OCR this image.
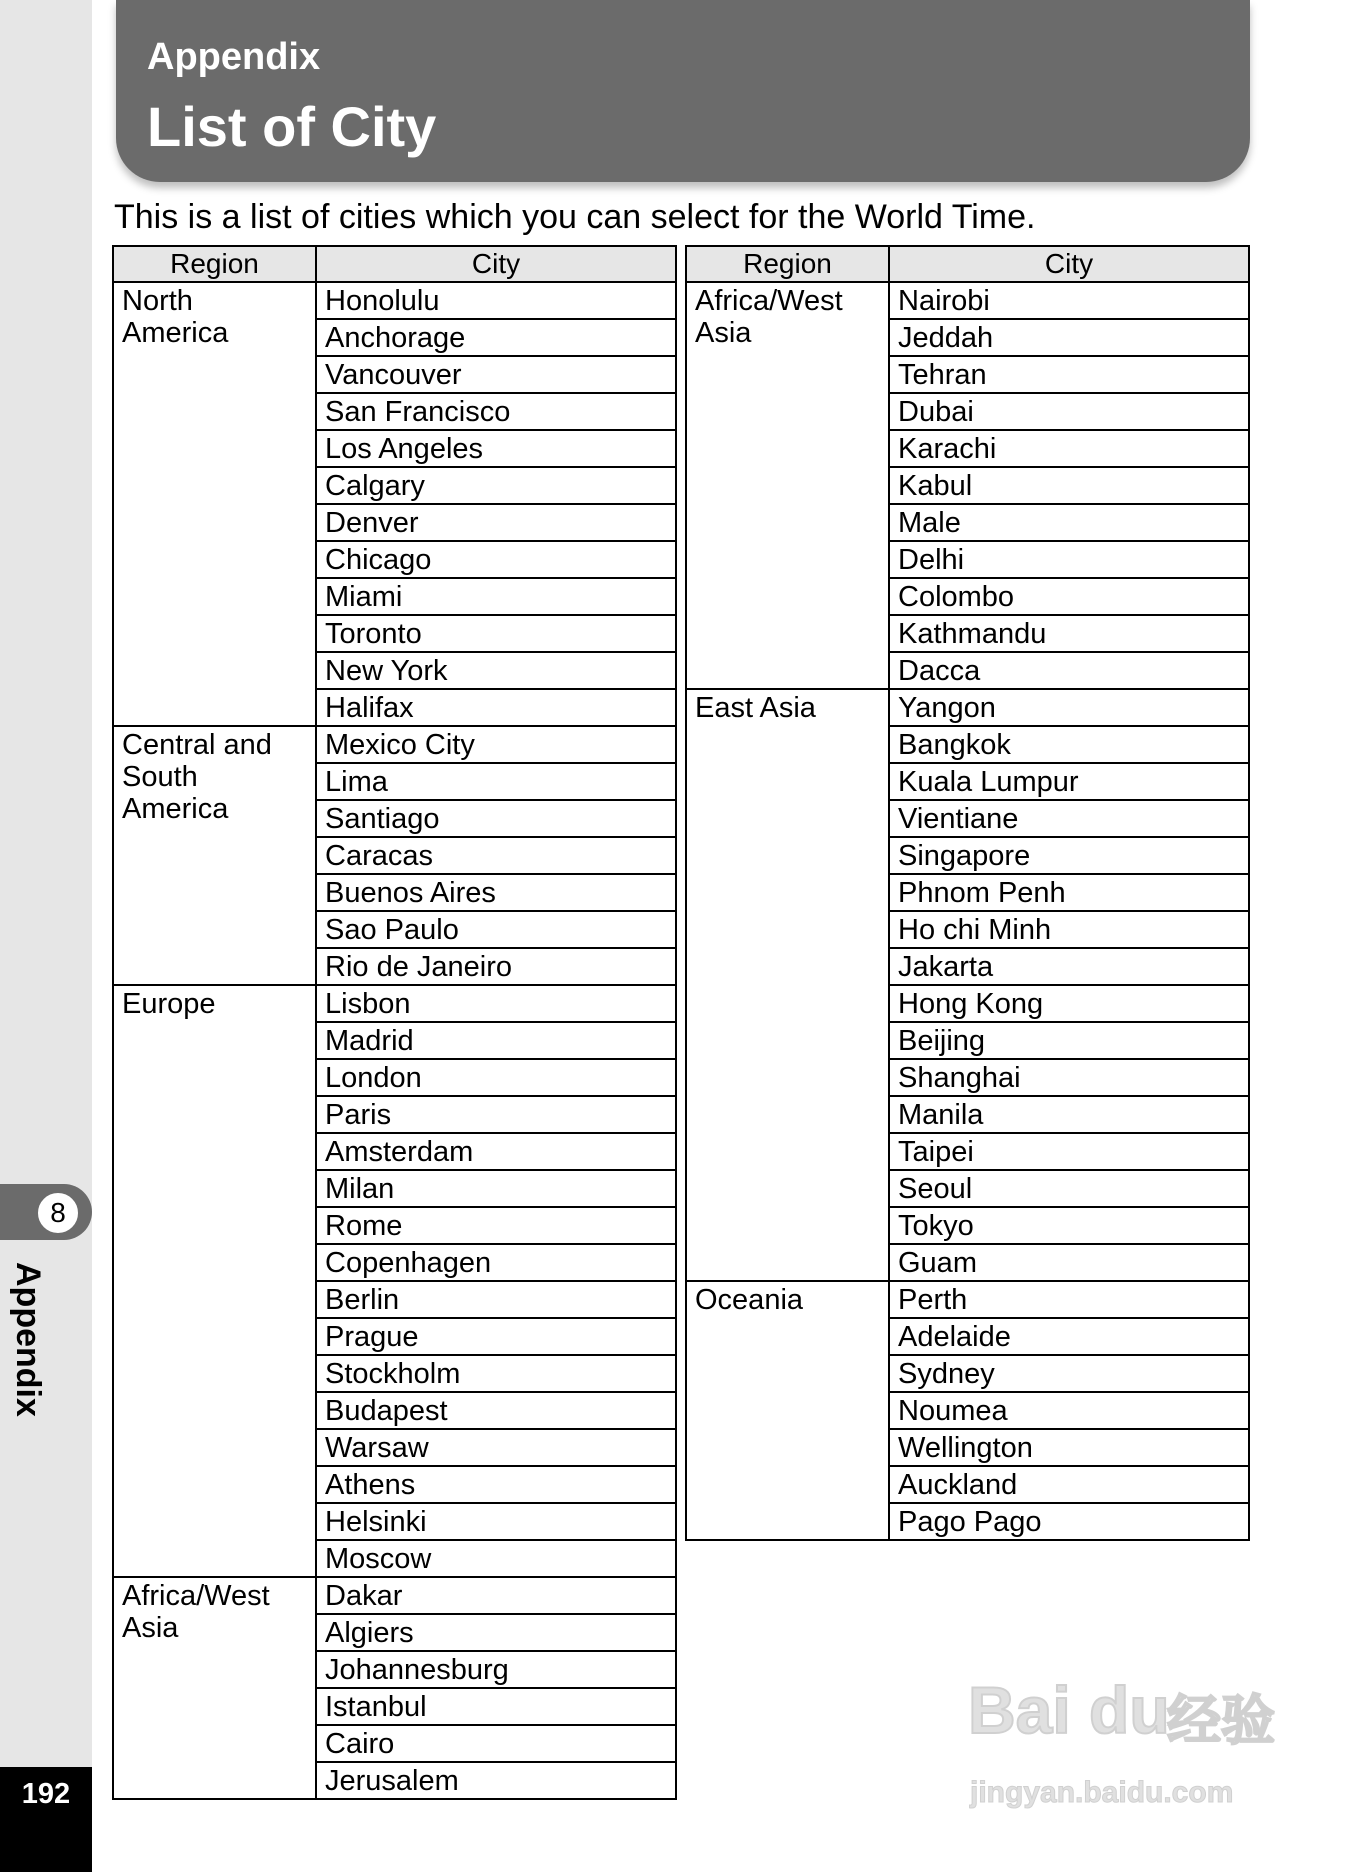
8
Appendix
192
Appendix
List of City
This is a list of cities which you can select for the World Time.
Region	City

North
America	Honolulu
	Anchorage
	Vancouver
	San Francisco
	Los Angeles
	Calgary
	Denver
	Chicago
	Miami
	Toronto
	New York
	Halifax

Central and
South
America	Mexico City
	Lima
	Santiago
	Caracas
	Buenos Aires
	Sao Paulo
	Rio de Janeiro

Europe	Lisbon
	Madrid
	London
	Paris
	Amsterdam
	Milan
	Rome
	Copenhagen
	Berlin
	Prague
	Stockholm
	Budapest
	Warsaw
	Athens
	Helsinki
	Moscow

Africa/West
Asia	Dakar
	Algiers
	Johannesburg
	Istanbul
	Cairo
	Jerusalem
Region	City

Africa/West
Asia	Nairobi
	Jeddah
	Tehran
	Dubai
	Karachi
	Kabul
	Male
	Delhi
	Colombo
	Kathmandu
	Dacca

East Asia	Yangon
	Bangkok
	Kuala Lumpur
	Vientiane
	Singapore
	Phnom Penh
	Ho chi Minh
	Jakarta
	Hong Kong
	Beijing
	Shanghai
	Manila
	Taipei
	Seoul
	Tokyo
	Guam

Oceania	Perth
	Adelaide
	Sydney
	Noumea
	Wellington
	Auckland
	Pago Pago
Bai du
经验
jingyan.baidu.com
